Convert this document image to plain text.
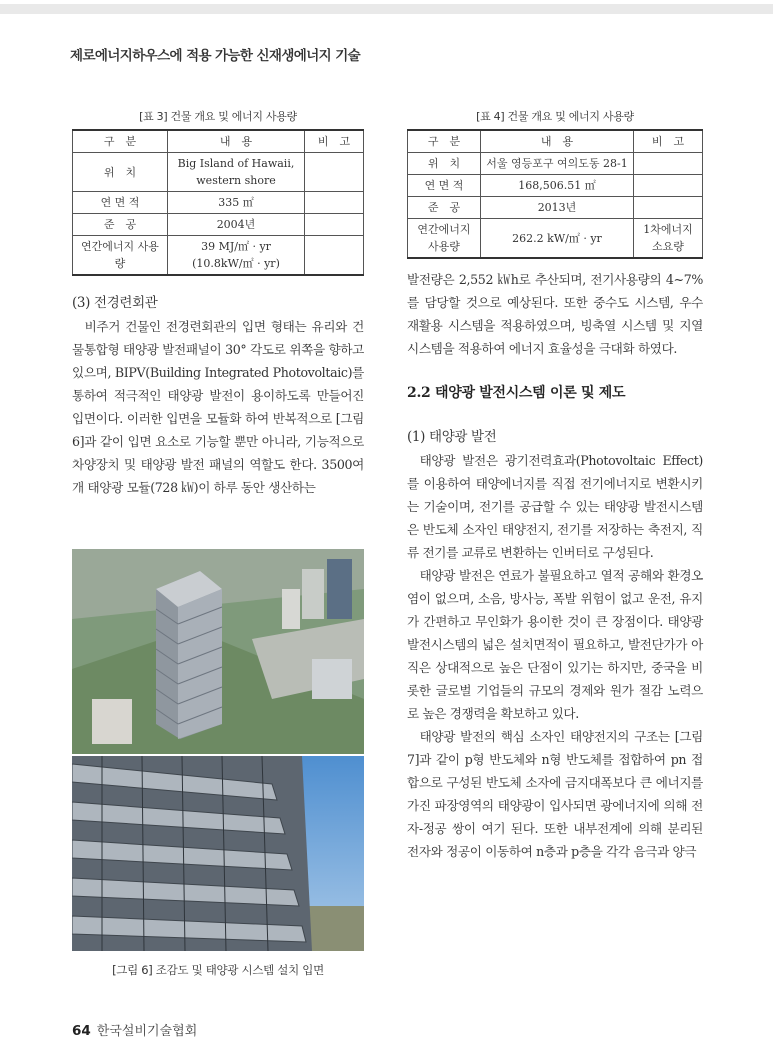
제로에너지하우스에 적용 가능한 신재생에너지 기술
[표 3] 건물 개요 및 에너지 사용량
구　분	내　용	비　고
위　치	Big Island of Hawaii,
western shore	
연 면 적	335 ㎡	
준　공	2004년	
연간에너지 사용량	39 MJ/㎡ · yr
(10.8kW/㎡ · yr)	

(3) 전경련회관

비주거 건물인 전경련회관의 입면 형태는 유리와 건물통합형 태양광 발전패널이 30° 각도로 위쪽을 향하고 있으며, BIPV(Building Integrated Photovoltaic)를 통하여 적극적인 태양광 발전이 용이하도록 만들어진 입면이다. 이러한 입면을 모듈화 하여 반복적으로 [그림 6]과 같이 입면 요소로 기능할 뿐만 아니라, 기능적으로 차양장치 및 태양광 발전 패널의 역할도 한다. 3500여개 태양광 모듈(728 ㎾)이 하루 동안 생산하는

[그림 6] 조감도 및 태양광 시스템 설치 입면
[표 4] 건물 개요 및 에너지 사용량
구　분	내　용	비　고
위　치	서울 영등포구 여의도동 28-1	
연 면 적	168,506.51 ㎡	
준　공	2013년	
연간에너지
사용량	262.2 kW/㎡ · yr	1차에너지
소요량

발전량은 2,552 ㎾h로 추산되며, 전기사용량의 4~7%를 담당할 것으로 예상된다. 또한 중수도 시스템, 우수 재활용 시스템을 적용하였으며, 빙축열 시스템 및 지열시스템을 적용하여 에너지 효율성을 극대화 하였다.

2.2 태양광 발전시스템 이론 및 제도

(1) 태양광 발전

태양광 발전은 광기전력효과(Photovoltaic Effect)를 이용하여 태양에너지를 직접 전기에너지로 변환시키는 기술이며, 전기를 공급할 수 있는 태양광 발전시스템은 반도체 소자인 태양전지, 전기를 저장하는 축전지, 직류 전기를 교류로 변환하는 인버터로 구성된다.

태양광 발전은 연료가 불필요하고 열적 공해와 환경오염이 없으며, 소음, 방사능, 폭발 위험이 없고 운전, 유지가 간편하고 무인화가 용이한 것이 큰 장점이다. 태양광 발전시스템의 넓은 설치면적이 필요하고, 발전단가가 아직은 상대적으로 높은 단점이 있기는 하지만, 중국을 비롯한 글로벌 기업들의 규모의 경제와 원가 절감 노력으로 높은 경쟁력을 확보하고 있다.

태양광 발전의 핵심 소자인 태양전지의 구조는 [그림 7]과 같이 p형 반도체와 n형 반도체를 접합하여 pn 접합으로 구성된 반도체 소자에 금지대폭보다 큰 에너지를 가진 파장영역의 태양광이 입사되면 광에너지에 의해 전자-정공 쌍이 여기 된다. 또한 내부전계에 의해 분리된 전자와 정공이 이동하여 n층과 p층을 각각 음극과 양극

64 한국설비기술협회
